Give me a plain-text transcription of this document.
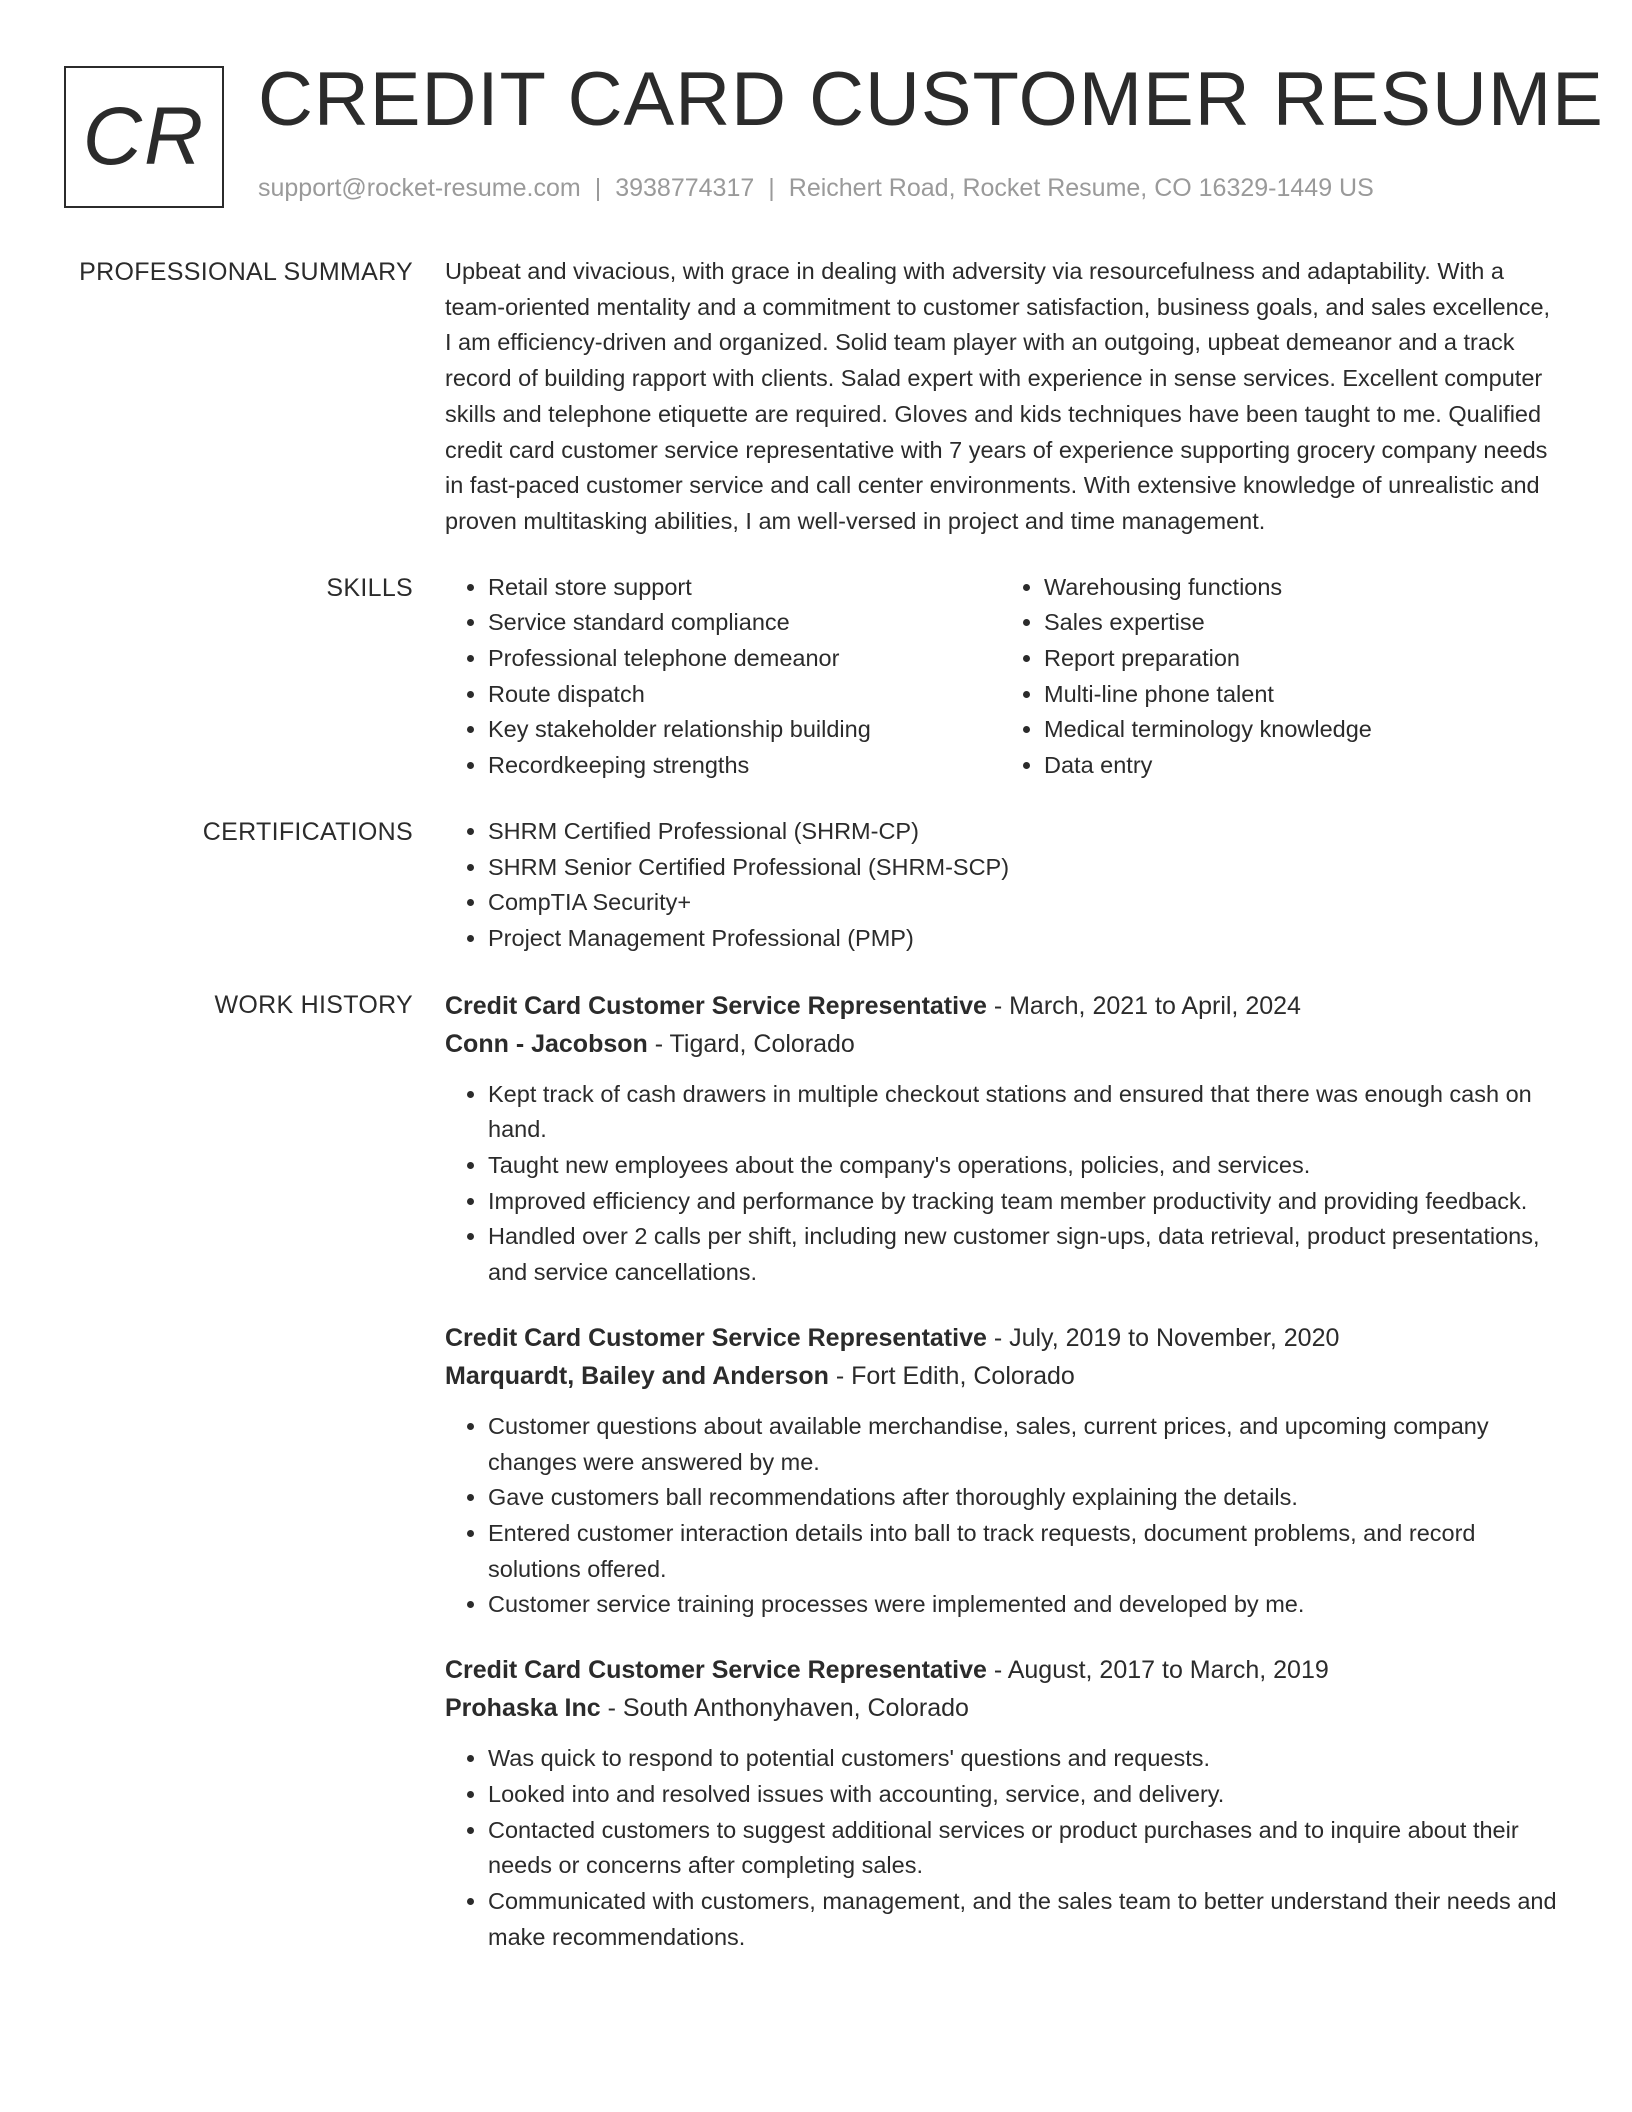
CR CREDIT CARD CUSTOMER RESUME
support@rocket-resume.com | 3938774317 | Reichert Road, Rocket Resume, CO 16329-1449 US
PROFESSIONAL SUMMARY Upbeat and vivacious, with grace in dealing with adversity via resourcefulness and adaptability. With a team-oriented mentality and a commitment to customer satisfaction, business goals, and sales excellence, I am efficiency-driven and organized. Solid team player with an outgoing, upbeat demeanor and a track record of building rapport with clients. Salad expert with experience in sense services. Excellent computer skills and telephone etiquette are required. Gloves and kids techniques have been taught to me. Qualified credit card customer service representative with 7 years of experience supporting grocery company needs in fast-paced customer service and call center environments. With extensive knowledge of unrealistic and proven multitasking abilities, I am well-versed in project and time management.

SKILLS	• Retail store support
• Service standard compliance
• Professional telephone demeanor
• Route dispatch
• Key stakeholder relationship building
• Recordkeeping strengths
• Warehousing functions
• Sales expertise
• Report preparation
• Multi-line phone talent
• Medical terminology knowledge
• Data entry
CERTIFICATIONS	• SHRM Certified Professional (SHRM-CP)
• SHRM Senior Certified Professional (SHRM-SCP)
• CompTIA Security+
• Project Management Professional (PMP)
WORK HISTORY Credit Card Customer Service Representative - March, 2021 to April, 2024
Conn - Jacobson - Tigard, Colorado
• Kept track of cash drawers in multiple checkout stations and ensured that there was enough cash on hand.
• Taught new employees about the company's operations, policies, and services.
• Improved efficiency and performance by tracking team member productivity and providing feedback.
• Handled over 2 calls per shift, including new customer sign-ups, data retrieval, product presentations, and service cancellations.
Credit Card Customer Service Representative - July, 2019 to November, 2020
Marquardt, Bailey and Anderson - Fort Edith, Colorado
• Customer questions about available merchandise, sales, current prices, and upcoming company changes were answered by me.
• Gave customers ball recommendations after thoroughly explaining the details.
• Entered customer interaction details into ball to track requests, document problems, and record solutions offered.
• Customer service training processes were implemented and developed by me.
Credit Card Customer Service Representative - August, 2017 to March, 2019
Prohaska Inc - South Anthonyhaven, Colorado
• Was quick to respond to potential customers' questions and requests.
• Looked into and resolved issues with accounting, service, and delivery.
• Contacted customers to suggest additional services or product purchases and to inquire about their needs or concerns after completing sales.
• Communicated with customers, management, and the sales team to better understand their needs and make recommendations.
